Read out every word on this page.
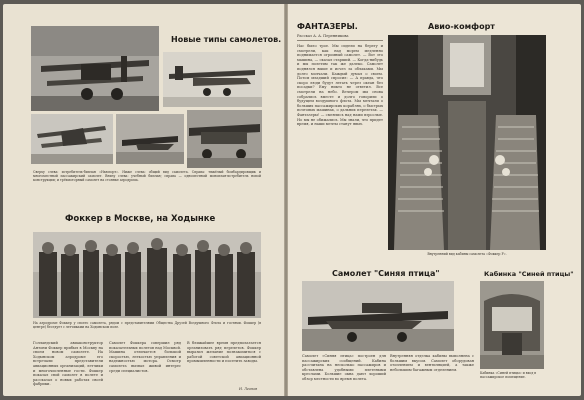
Новые типы самолетов.
Сверху слева: истребитель-биплан «Ньюпорт». Ниже слева: общий вид самолета. Справа: тяжёлый бомбардировщик и многоместный пассажирский самолет. Внизу слева: учебный биплан; справа — одноместный моноплан-истребитель новой конструкции; и трёхмоторный самолет на стоянке аэродрома.
Фоккер в Москве, на Ходынке
На аэродроме Фоккер у своего самолета, рядом с представителями Общества Друзей Воздушного Флота и гостями. Фоккер (в центре) беседует с летчиками на Ходынском поле.
Голландский авиаконструктор Антони Фоккер прибыл в Москву на своем новом самолете. На Ходынском аэродроме его встречали представители авиационных организаций, летчики и многочисленные гости. Фоккер показал свой самолет в полете и рассказал о новых работах своей фабрики.
Самолет Фоккера совершил ряд показательных полетов над Москвой. Машина отличается большой скоростью, легкостью управления и надежностью мотора. Осмотр самолета вызвал живой интерес среди специалистов.
В ближайшее время предполагается организовать ряд перелетов. Фоккер выразил желание познакомиться с работой советской авиационной промышленности и посетить заводы.
Н. Леонов
ФАНТАЗЕРЫ.
Рассказ А. А. Перенникова
Нас было трое. Мы сидели на берегу и смотрели, как над морем медленно поднимается огромный самолет. — Вот это машина, — сказал старший. — Когда-нибудь и мы полетим так же далеко. Самолет поднялся выше и исчез за облаками. Мы долго молчали. Каждый думал о своем. Потом младший спросил: — А правда, что скоро люди будут летать через океан без посадки? Ему никто не ответил. Все смотрели на небо. Вечером мы снова собрались вместе и долго говорили о будущем воздушного флота. Мы мечтали о больших пассажирских кораблях, о быстрых почтовых машинах, о дальних перелетах. — Фантазеры! — смеялись над нами взрослые. Но мы не обижались. Мы знали, что придет время, и наши мечты станут явью.
Авио-комфорт
Внутренний вид кабины самолета «Фоккер F».
Самолет "Синяя птица"	Кабинка "Синей птицы"
Самолет «Синяя птица» построен для пассажирских сообщений. Кабина рассчитана на несколько пассажиров и обставлена удобными плетеными креслами. Большие окна дают хороший обзор местности во время полета.
Внутренняя отделка кабины выполнена с большим вкусом. Самолет оборудован отоплением и вентиляцией, а также небольшим багажным отделением.
Кабинка «Синей птицы» и вход в пассажирское помещение.
